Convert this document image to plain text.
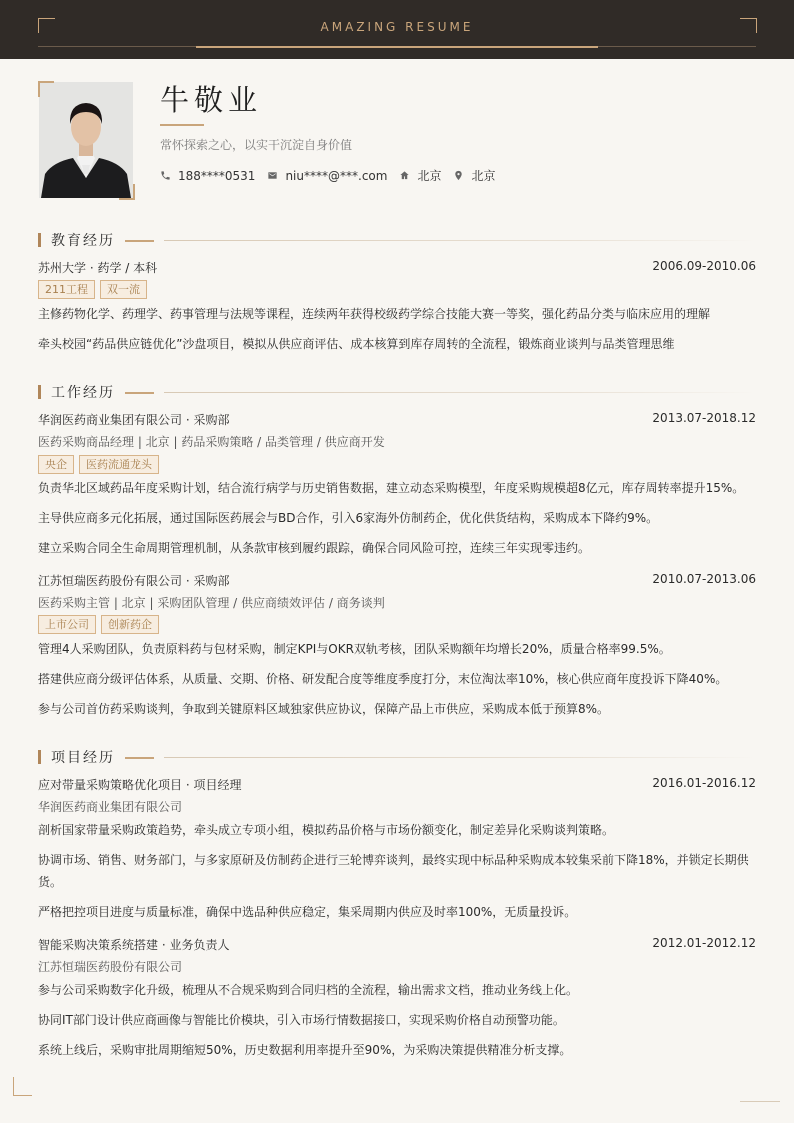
AMAZING RESUME
牛敬业
常怀探索之心，以实干沉淀自身价值
188****0531	niu****@***.com	北京	北京
教育经历
苏州大学 · 药学 / 本科	2006.09-2010.06
211工程	双一流
主修药物化学、药理学、药事管理与法规等课程，连续两年获得校级药学综合技能大赛一等奖，强化药品分类与临床应用的理解
牵头校园“药品供应链优化”沙盘项目，模拟从供应商评估、成本核算到库存周转的全流程，锻炼商业谈判与品类管理思维
工作经历
华润医药商业集团有限公司 · 采购部	2013.07-2018.12
医药采购商品经理 | 北京 | 药品采购策略 / 品类管理 / 供应商开发
央企	医药流通龙头
负责华北区域药品年度采购计划，结合流行病学与历史销售数据，建立动态采购模型，年度采购规模超8亿元，库存周转率提升15%。
主导供应商多元化拓展，通过国际医药展会与BD合作，引入6家海外仿制药企，优化供货结构，采购成本下降约9%。
建立采购合同全生命周期管理机制，从条款审核到履约跟踪，确保合同风险可控，连续三年实现零违约。
江苏恒瑞医药股份有限公司 · 采购部	2010.07-2013.06
医药采购主管 | 北京 | 采购团队管理 / 供应商绩效评估 / 商务谈判
上市公司	创新药企
管理4人采购团队，负责原料药与包材采购，制定KPI与OKR双轨考核，团队采购额年均增长20%，质量合格率99.5%。
搭建供应商分级评估体系，从质量、交期、价格、研发配合度等维度季度打分，末位淘汰率10%，核心供应商年度投诉下降40%。
参与公司首仿药采购谈判，争取到关键原料区域独家供应协议，保障产品上市供应，采购成本低于预算8%。
项目经历
应对带量采购策略优化项目 · 项目经理	2016.01-2016.12
华润医药商业集团有限公司
剖析国家带量采购政策趋势，牵头成立专项小组，模拟药品价格与市场份额变化，制定差异化采购谈判策略。
协调市场、销售、财务部门，与多家原研及仿制药企进行三轮博弈谈判，最终实现中标品种采购成本较集采前下降18%，并锁定长期供货。
严格把控项目进度与质量标准，确保中选品种供应稳定，集采周期内供应及时率100%，无质量投诉。
智能采购决策系统搭建 · 业务负责人	2012.01-2012.12
江苏恒瑞医药股份有限公司
参与公司采购数字化升级，梳理从不合规采购到合同归档的全流程，输出需求文档，推动业务线上化。
协同IT部门设计供应商画像与智能比价模块，引入市场行情数据接口，实现采购价格自动预警功能。
系统上线后，采购审批周期缩短50%，历史数据利用率提升至90%，为采购决策提供精准分析支撑。
